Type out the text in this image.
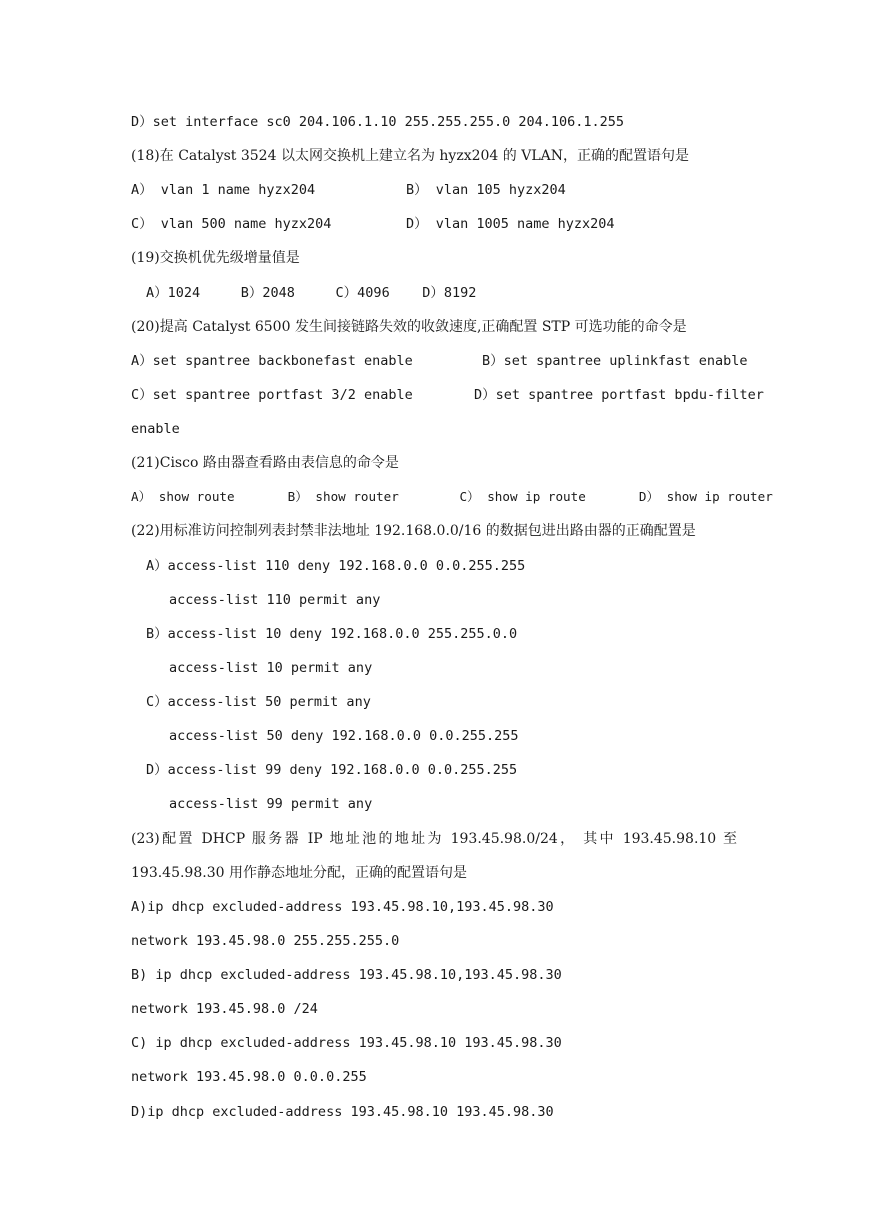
D）set interface sc0 204.106.1.10 255.255.255.0 204.106.1.255
(18)在 Catalyst 3524 以太网交换机上建立名为 hyzx204 的 VLAN，正确的配置语句是
A） vlan 1 name hyzx204	B） vlan 105 hyzx204
C） vlan 500 name hyzx204	D） vlan 1005 name hyzx204
(19)交换机优先级增量值是
A）1024     B）2048     C）4096    D）8192
(20)提高 Catalyst 6500 发生间接链路失效的收敛速度,正确配置 STP 可选功能的命令是
A）set spantree backbonefast enable	B）set spantree uplinkfast enable
C）set spantree portfast 3/2 enable	D）set spantree portfast bpdu-filter
enable
(21)Cisco 路由器查看路由表信息的命令是
A） show route       B） show router        C） show ip route       D） show ip router
(22)用标准访问控制列表封禁非法地址 192.168.0.0/16 的数据包进出路由器的正确配置是
A）access-list 110 deny 192.168.0.0 0.0.255.255
access-list 110 permit any
B）access-list 10 deny 192.168.0.0 255.255.0.0
access-list 10 permit any
C）access-list 50 permit any
access-list 50 deny 192.168.0.0 0.0.255.255
D）access-list 99 deny 192.168.0.0 0.0.255.255
access-list 99 permit any
(23)配置 DHCP 服务器 IP 地址池的地址为 193.45.98.0/24， 其中 193.45.98.10 至
193.45.98.30 用作静态地址分配，正确的配置语句是
A)ip dhcp excluded-address 193.45.98.10,193.45.98.30
network 193.45.98.0 255.255.255.0
B) ip dhcp excluded-address 193.45.98.10,193.45.98.30
network 193.45.98.0 /24
C) ip dhcp excluded-address 193.45.98.10 193.45.98.30
network 193.45.98.0 0.0.0.255
D)ip dhcp excluded-address 193.45.98.10 193.45.98.30
